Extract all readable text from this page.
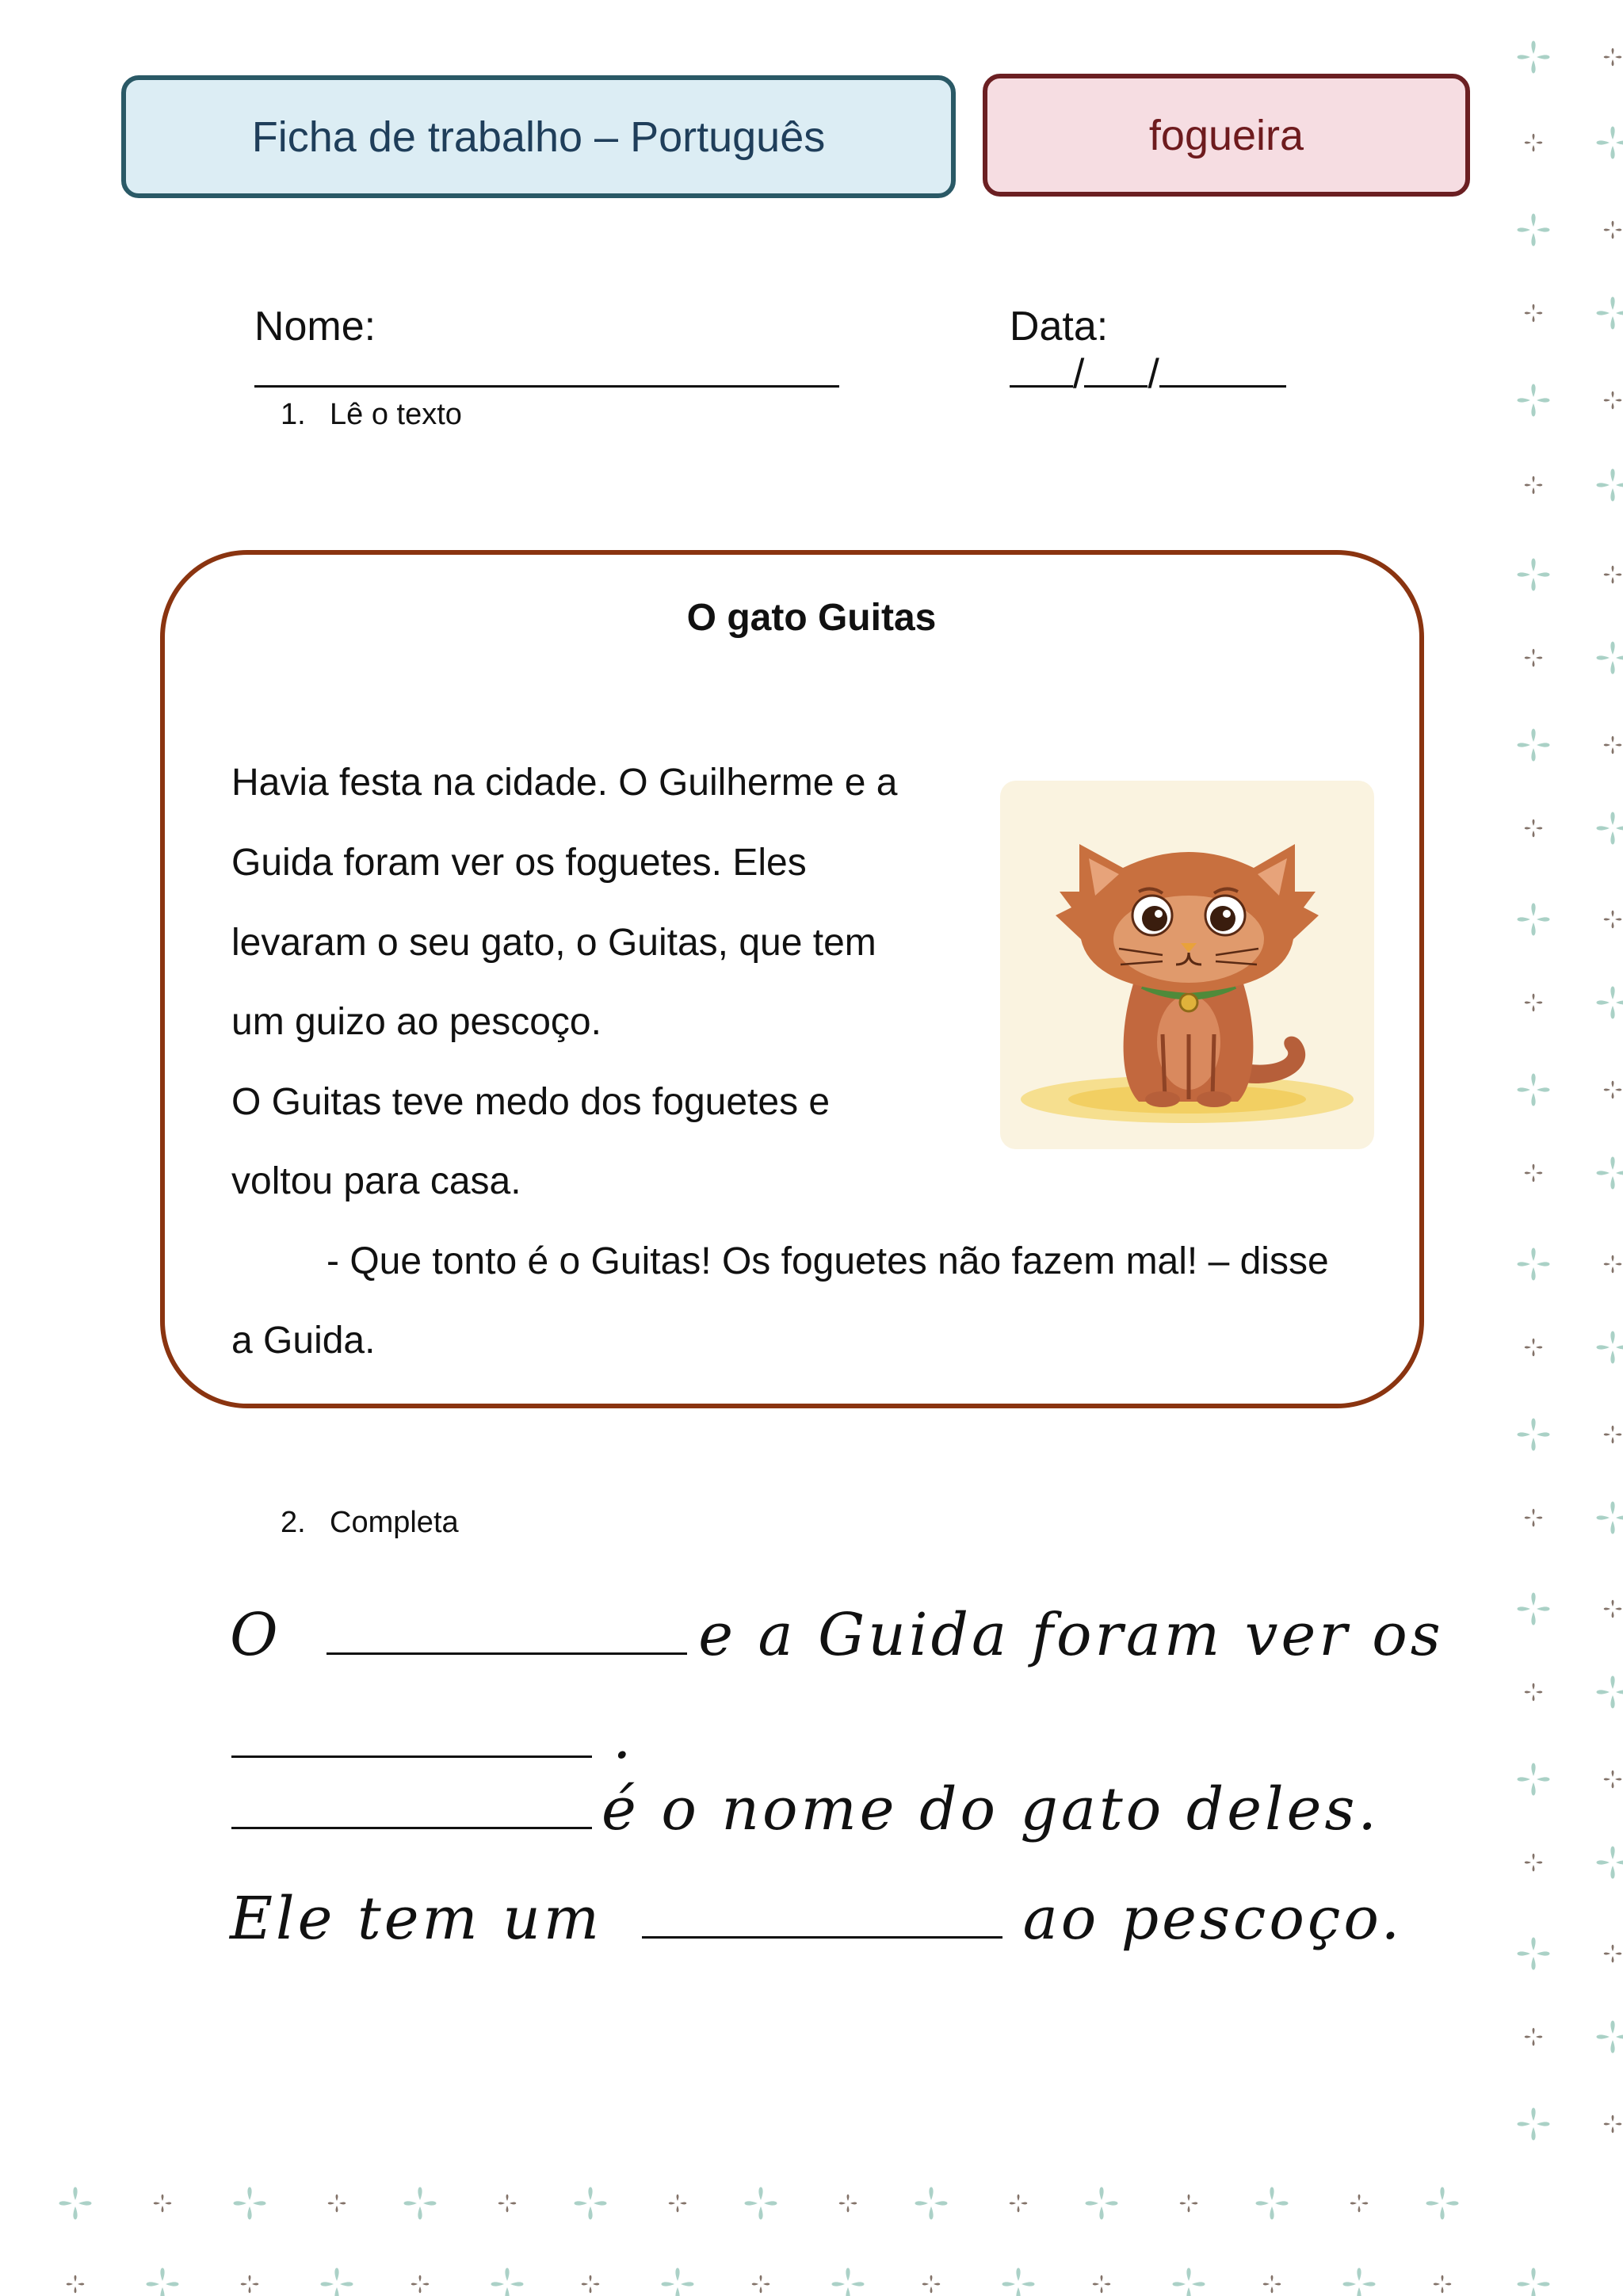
Ficha de trabalho – Português	fogueira

Nome:
	Data:
/ /

1. Lê o texto
O gato Guitas
Havia festa na cidade. O Guilherme e a
Guida foram ver os foguetes. Eles
levaram o seu gato, o Guitas, que tem
um guizo ao pescoço.
O Guitas teve medo dos foguetes e
voltou para casa.
- Que tonto é o Guitas! Os foguetes não fazem mal! – disse
a Guida.
2. Completa
O	e a Guida foram ver os
.
é o nome do gato deles.
Ele tem um	ao pescoço.
